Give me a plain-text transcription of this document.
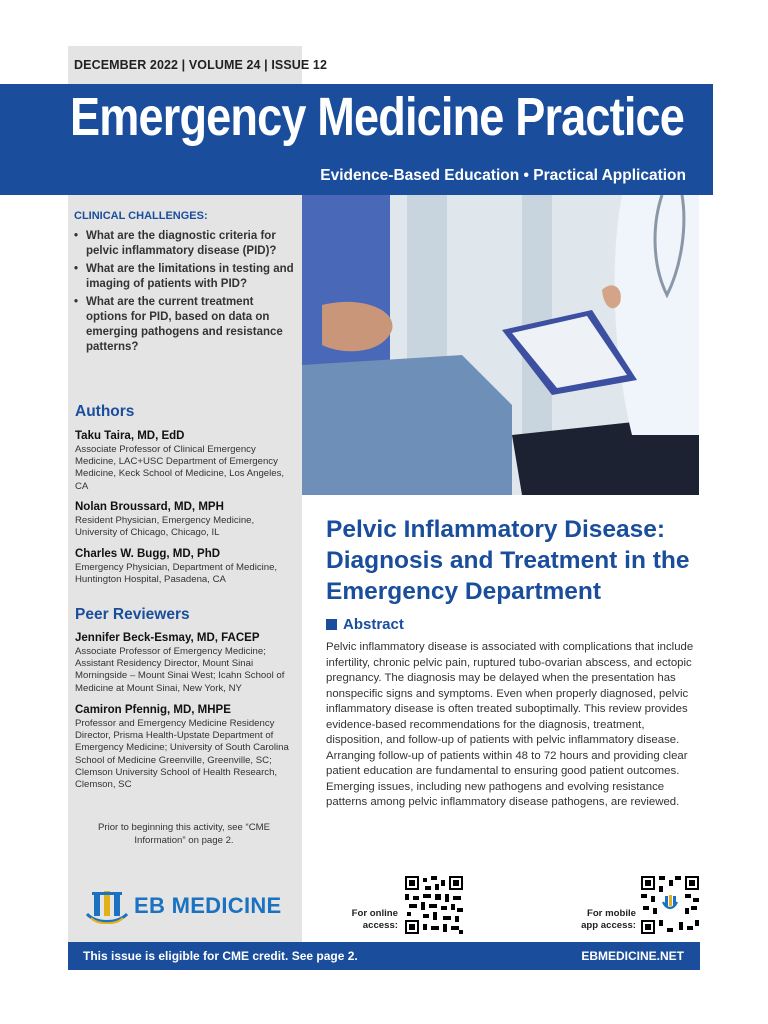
DECEMBER 2022 | VOLUME 24 | ISSUE 12
Emergency Medicine Practice
Evidence-Based Education • Practical Application
CLINICAL CHALLENGES:
• What are the diagnostic criteria for pelvic inflammatory disease (PID)?
• What are the limitations in testing and imaging of patients with PID?
• What are the current treatment options for PID, based on data on emerging pathogens and resistance patterns?
Authors
Taku Taira, MD, EdD
Associate Professor of Clinical Emergency Medicine, LAC+USC Department of Emergency Medicine, Keck School of Medicine, Los Angeles, CA
Nolan Broussard, MD, MPH
Resident Physician, Emergency Medicine, University of Chicago, Chicago, IL
Charles W. Bugg, MD, PhD
Emergency Physician, Department of Medicine, Huntington Hospital, Pasadena, CA
Peer Reviewers
Jennifer Beck-Esmay, MD, FACEP
Associate Professor of Emergency Medicine; Assistant Residency Director, Mount Sinai Morningside – Mount Sinai West; Icahn School of Medicine at Mount Sinai, New York, NY
Camiron Pfennig, MD, MHPE
Professor and Emergency Medicine Residency Director, Prisma Health-Upstate Department of Emergency Medicine; University of South Carolina School of Medicine Greenville, Greenville, SC; Clemson University School of Health Research, Clemson, SC
Prior to beginning this activity, see “CME Information” on page 2.
Pelvic Inflammatory Disease: Diagnosis and Treatment in the Emergency Department
Abstract
Pelvic inflammatory disease is associated with complications that include infertility, chronic pelvic pain, ruptured tubo-ovarian abscess, and ectopic pregnancy. The diagnosis may be delayed when the presentation has nonspecific signs and symptoms. Even when properly diagnosed, pelvic inflammatory disease is often treated suboptimally. This review provides evidence-based recommendations for the diagnosis, treatment, disposition, and follow-up of patients with pelvic inflammatory disease. Arranging follow-up of patients within 48 to 72 hours and providing clear patient education are fundamental to ensuring good patient outcomes. Emerging issues, including new pathogens and evolving resistance patterns among pelvic inflammatory disease pathogens, are reviewed.
EB MEDICINE	For online access:
For mobile app access:
This issue is eligible for CME credit. See page 2.	EBMEDICINE.NET
